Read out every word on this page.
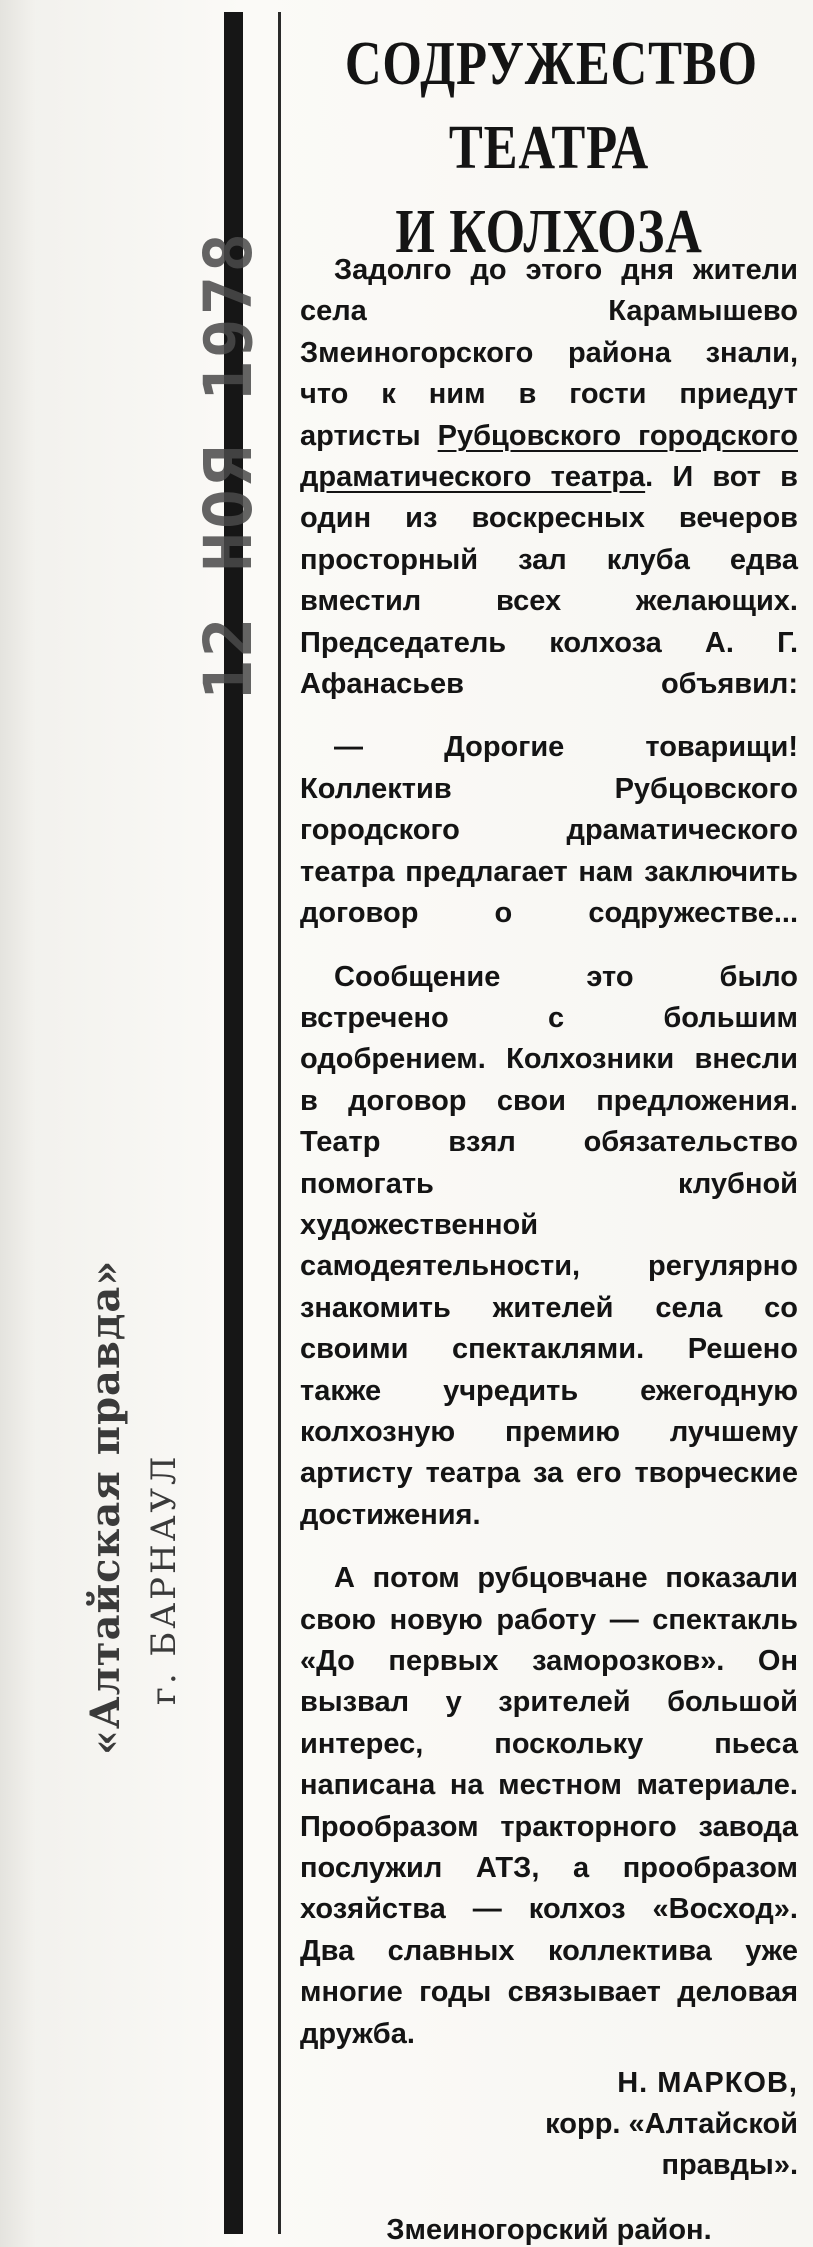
12 НОЯ 1978
«Алтайская правда» г. БАРНАУЛ
СОДРУЖЕСТВО
ТЕАТРА
И КОЛХОЗА

Задолго до этого дня жители села Карамышево Змеиногорского района знали, что к ним в гости приедут артисты Рубцовского городского драматического театра. И вот в один из воскресных вечеров просторный зал клуба едва вместил всех желающих. Председатель колхоза А. Г. Афанасьев объявил:

— Дорогие товарищи! Коллектив Рубцовского городского драматического театра предлагает нам заключить договор о содружестве...

Сообщение это было встречено с большим одобрением. Колхозники внесли в договор свои предложения. Театр взял обязательство помогать клубной художественной самодеятельности, регулярно знакомить жителей села со своими спектаклями. Решено также учредить ежегодную колхозную премию лучшему артисту театра за его творческие достижения.

А потом рубцовчане показали свою новую работу — спектакль «До первых заморозков». Он вызвал у зрителей большой интерес, поскольку пьеса написана на местном материале. Прообразом тракторного завода послужил АТЗ, а прообразом хозяйства — колхоз «Восход». Два славных коллектива уже многие годы связывает деловая дружба.

Н. МАРКОВ,
корр. «Алтайской
правды».
Змеиногорский район.
